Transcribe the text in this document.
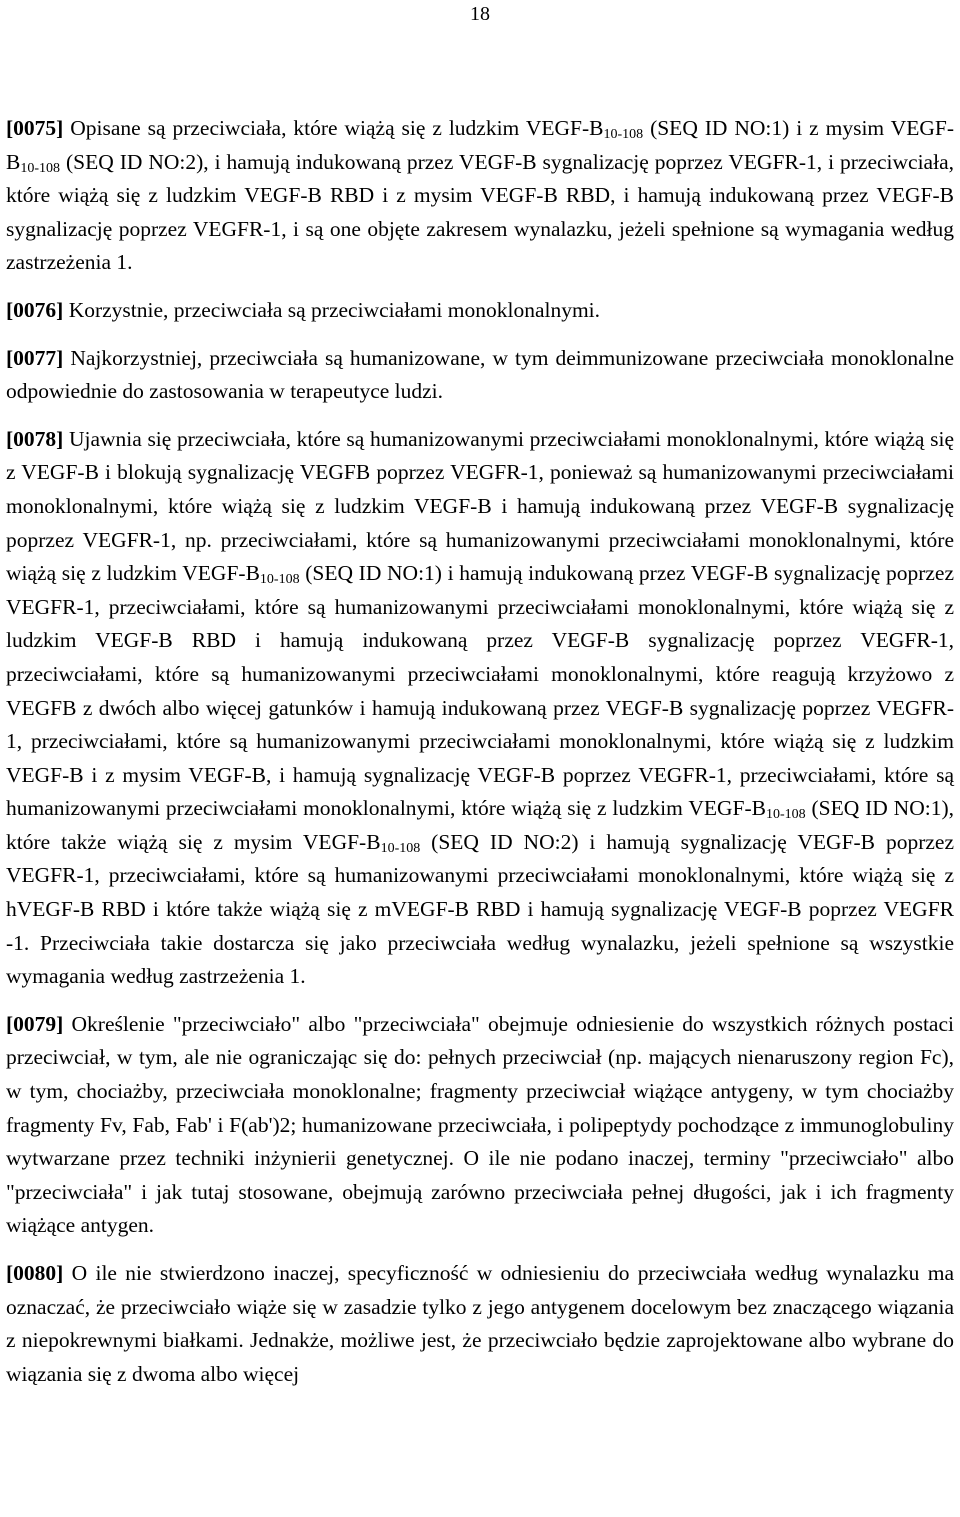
18

[0075] Opisane są przeciwciała, które wiążą się z ludzkim VEGF-$B_{10-108}$ (SEQ ID NO:1) i z mysim VEGF-$B_{10-108}$ (SEQ ID NO:2), i hamują indukowaną przez VEGF-B sygnalizację poprzez VEGFR-1, i przeciwciała, które wiążą się z ludzkim VEGF-B RBD i z mysim VEGF-B RBD, i hamują indukowaną przez VEGF-B sygnalizację poprzez VEGFR-1, i są one objęte zakresem wynalazku, jeżeli spełnione są wymagania według zastrzeżenia 1.

[0076] Korzystnie, przeciwciała są przeciwciałami monoklonalnymi.

[0077] Najkorzystniej, przeciwciała są humanizowane, w tym deimmunizowane przeciwciała monoklonalne odpowiednie do zastosowania w terapeutyce ludzi.

[0078] Ujawnia się przeciwciała, które są humanizowanymi przeciwciałami monoklonalnymi, które wiążą się z VEGF-B i blokują sygnalizację VEGFB poprzez VEGFR-1, ponieważ są humanizowanymi przeciwciałami monoklonalnymi, które wiążą się z ludzkim VEGF-B i hamują indukowaną przez VEGF-B sygnalizację poprzez VEGFR-1, np. przeciwciałami, które są humanizowanymi przeciwciałami monoklonalnymi, które wiążą się z ludzkim VEGF-$B_{10-108}$ (SEQ ID NO:1) i hamują indukowaną przez VEGF-B sygnalizację poprzez VEGFR-1, przeciwciałami, które są humanizowanymi przeciwciałami monoklonalnymi, które wiążą się z ludzkim VEGF-B RBD i hamują indukowaną przez VEGF-B sygnalizację poprzez VEGFR-1, przeciwciałami, które są humanizowanymi przeciwciałami monoklonalnymi, które reagują krzyżowo z VEGFB z dwóch albo więcej gatunków i hamują indukowaną przez VEGF-B sygnalizację poprzez VEGFR-1, przeciwciałami, które są humanizowanymi przeciwciałami monoklonalnymi, które wiążą się z ludzkim VEGF-B i z mysim VEGF-B, i hamują sygnalizację VEGF-B poprzez VEGFR-1, przeciwciałami, które są humanizowanymi przeciwciałami monoklonalnymi, które wiążą się z ludzkim VEGF-$B_{10-108}$ (SEQ ID NO:1), które także wiążą się z mysim VEGF-$B_{10-108}$ (SEQ ID NO:2) i hamują sygnalizację VEGF-B poprzez VEGFR-1, przeciwciałami, które są humanizowanymi przeciwciałami monoklonalnymi, które wiążą się z hVEGF-B RBD i które także wiążą się z mVEGF-B RBD i hamują sygnalizację VEGF-B poprzez VEGFR -1. Przeciwciała takie dostarcza się jako przeciwciała według wynalazku, jeżeli spełnione są wszystkie wymagania według zastrzeżenia 1.

[0079] Określenie "przeciwciało" albo "przeciwciała" obejmuje odniesienie do wszystkich różnych postaci przeciwciał, w tym, ale nie ograniczając się do: pełnych przeciwciał (np. mających nienaruszony region Fc), w tym, chociażby, przeciwciała monoklonalne; fragmenty przeciwciał wiążące antygeny, w tym chociażby fragmenty Fv, Fab, Fab' i F(ab')2; humanizowane przeciwciała, i polipeptydy pochodzące z immunoglobuliny wytwarzane przez techniki inżynierii genetycznej. O ile nie podano inaczej, terminy "przeciwciało" albo "przeciwciała" i jak tutaj stosowane, obejmują zarówno przeciwciała pełnej długości, jak i ich fragmenty wiążące antygen.

[0080] O ile nie stwierdzono inaczej, specyficzność w odniesieniu do przeciwciała według wynalazku ma oznaczać, że przeciwciało wiąże się w zasadzie tylko z jego antygenem docelowym bez znaczącego wiązania z niepokrewnymi białkami. Jednakże, możliwe jest, że przeciwciało będzie zaprojektowane albo wybrane do wiązania się z dwoma albo więcej
